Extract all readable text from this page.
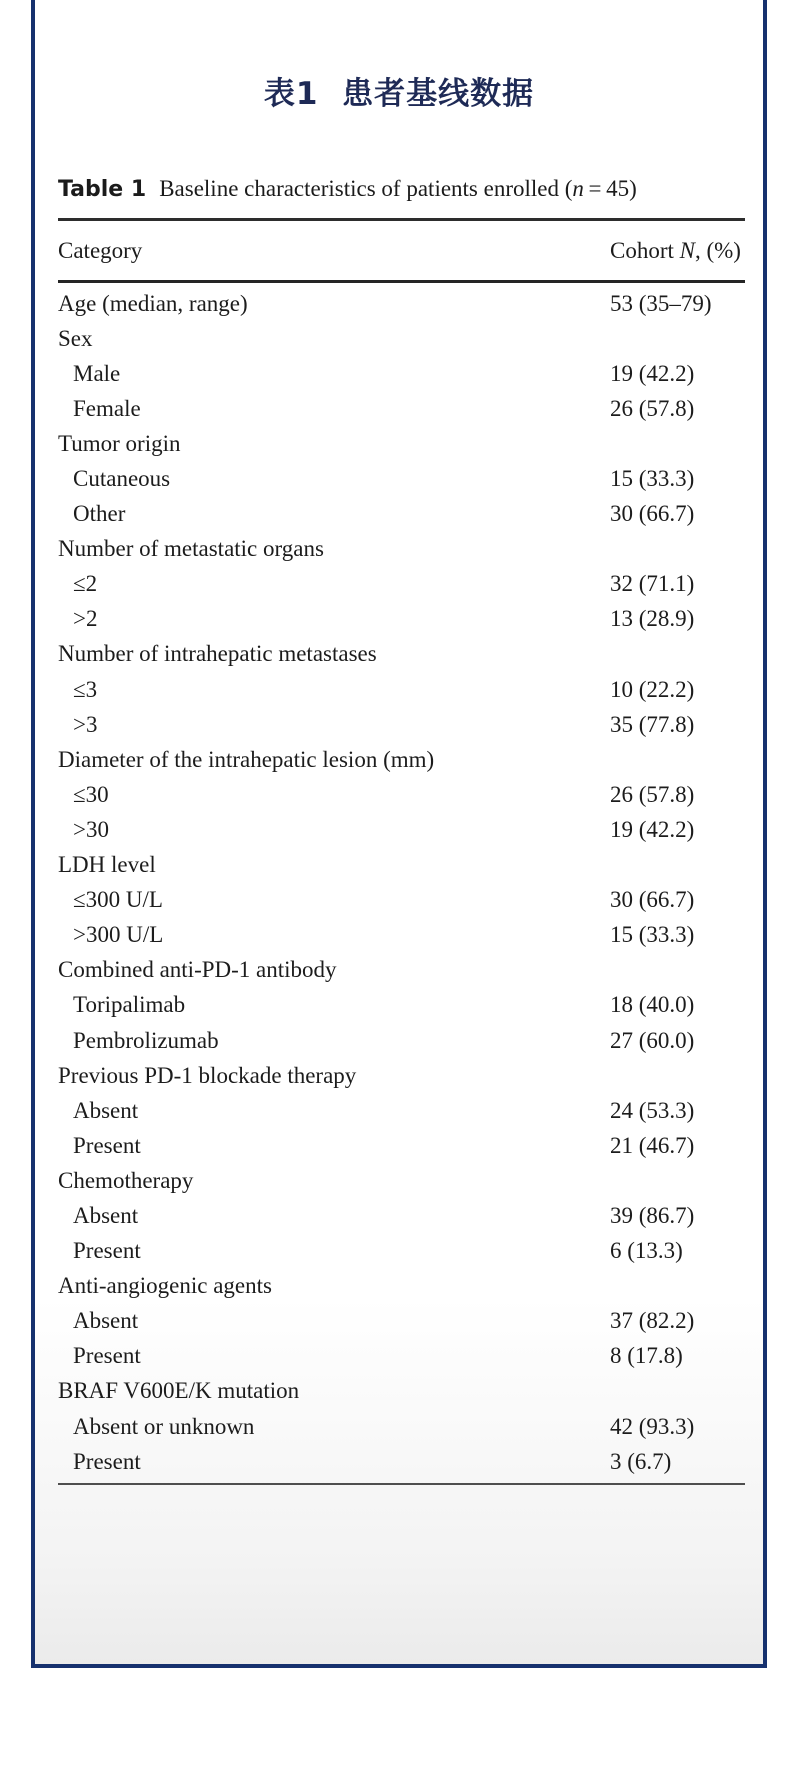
表1  患者基线数据
Table 1 Baseline characteristics of patients enrolled (n = 45)
Category	Cohort N, (%)
Age (median, range)	53 (35–79)
Sex
Male	19 (42.2)
Female	26 (57.8)
Tumor origin
Cutaneous	15 (33.3)
Other	30 (66.7)
Number of metastatic organs
≤2	32 (71.1)
>2	13 (28.9)
Number of intrahepatic metastases
≤3	10 (22.2)
>3	35 (77.8)
Diameter of the intrahepatic lesion (mm)
≤30	26 (57.8)
>30	19 (42.2)
LDH level
≤300 U/L	30 (66.7)
>300 U/L	15 (33.3)
Combined anti-PD-1 antibody
Toripalimab	18 (40.0)
Pembrolizumab	27 (60.0)
Previous PD-1 blockade therapy
Absent	24 (53.3)
Present	21 (46.7)
Chemotherapy
Absent	39 (86.7)
Present	6 (13.3)
Anti-angiogenic agents
Absent	37 (82.2)
Present	8 (17.8)
BRAF V600E/K mutation
Absent or unknown	42 (93.3)
Present	3 (6.7)
